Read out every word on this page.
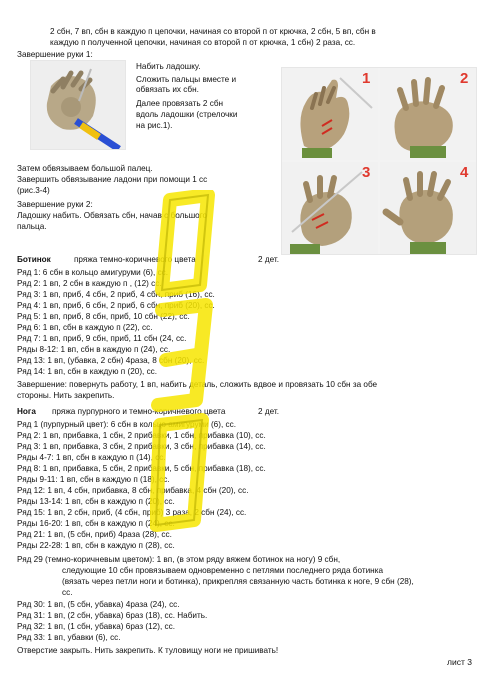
2 сбн, 7 вп, сбн в каждую п цепочки, начиная со второй п от крючка, 2 сбн, 5 вп, сбн в
каждую п полученной цепочки, начиная со второй п от крючка, 1 сбн) 2 раза, сс.
Завершение руки 1:
Набить ладошку.
Сложить пальцы вместе и
обвязать их сбн.
Далее провязать 2 сбн
вдоль ладошки (стрелочки
на рис.1).
1	2
3	4
Затем обвязываем большой палец.
Завершить обвязывание ладони при помощи 1 сс
(рис.3-4)
Завершение руки 2:
Ладошку набить. Обвязать сбн, начав с большого
пальца.
Ботинок	пряжа темно-коричневого цвета	2 дет.
Ряд 1: 6 сбн в кольцо амигуруми (6), сс.
Ряд 2: 1 вп, 2 сбн в каждую п , (12) сс.
Ряд 3: 1 вп, приб, 4 сбн, 2 приб, 4 сбн, приб (16), сс.
Ряд 4: 1 вп, приб, 6 сбн, 2 приб, 6 сбн, приб (20), сс.
Ряд 5: 1 вп, приб, 8 сбн, приб, 10 сбн (22), сс.
Ряд 6: 1 вп, сбн в каждую п (22), сс.
Ряд 7: 1 вп, приб, 9 сбн, приб, 11 сбн (24, сс.
Ряды 8-12: 1 вп, сбн в каждую п (24), сс.
Ряд 13: 1 вп, (убавка, 2 сбн) 4раза, 8 сбн (20), сс.
Ряд 14: 1 вп, сбн в каждую п (20), сс.
Завершение: повернуть работу, 1 вп, набить деталь, сложить вдвое и провязать 10 сбн за обе
стороны. Нить закрепить.
Нога пряжа пурпурного и темно-коричневого цвета	2 дет.
Ряд 1 (пурпурный цвет): 6 сбн в кольцо амигуруми (6), сс.
Ряд 2: 1 вп, прибавка, 1 сбн, 2 прибавки, 1 сбн, прибавка (10), сс.
Ряд 3: 1 вп, прибавка, 3 сбн, 2 прибавки, 3 сбн, прибавка (14), сс.
Ряды 4-7: 1 вп, сбн в каждую п (14), сс.
Ряд 8: 1 вп, прибавка, 5 сбн, 2 прибавки, 5 сбн, прибавка (18), сс.
Ряды 9-11: 1 вп, сбн в каждую п (18), сс.
Ряд 12: 1 вп, 4 сбн, прибавка, 8 сбн, прибавка, 4 сбн (20), сс.
Ряды 13-14: 1 вп, сбн в каждую п (20), сс.
Ряд 15: 1 вп, 2 сбн, приб, (4 сбн, приб) 3 раза, 2 сбн (24), сс.
Ряды 16-20: 1 вп, сбн в каждую п (24), сс.
Ряд 21: 1 вп, (5 сбн, приб) 4раза (28), сс.
Ряды 22-28: 1 вп, сбн в каждую п (28), сс.
Ряд 29 (темно-коричневым цветом): 1 вп, (в этом ряду вяжем ботинок на ногу) 9 сбн,
следующие 10 сбн провязываем одновременно с петлями последнего ряда ботинка
(вязать через петли ноги и ботинка), прикрепляя связанную часть ботинка к ноге, 9 сбн (28),
сс.
Ряд 30: 1 вп, (5 сбн, убавка) 4раза (24), сс.
Ряд 31: 1 вп, (2 сбн, убавка) 6раз (18), сс. Набить.
Ряд 32: 1 вп, (1 сбн, убавка) 6раз (12), сс.
Ряд 33: 1 вп, убавки (6), сс.
Отверстие закрыть. Нить закрепить. К туловищу ноги не пришивать!
лист 3
